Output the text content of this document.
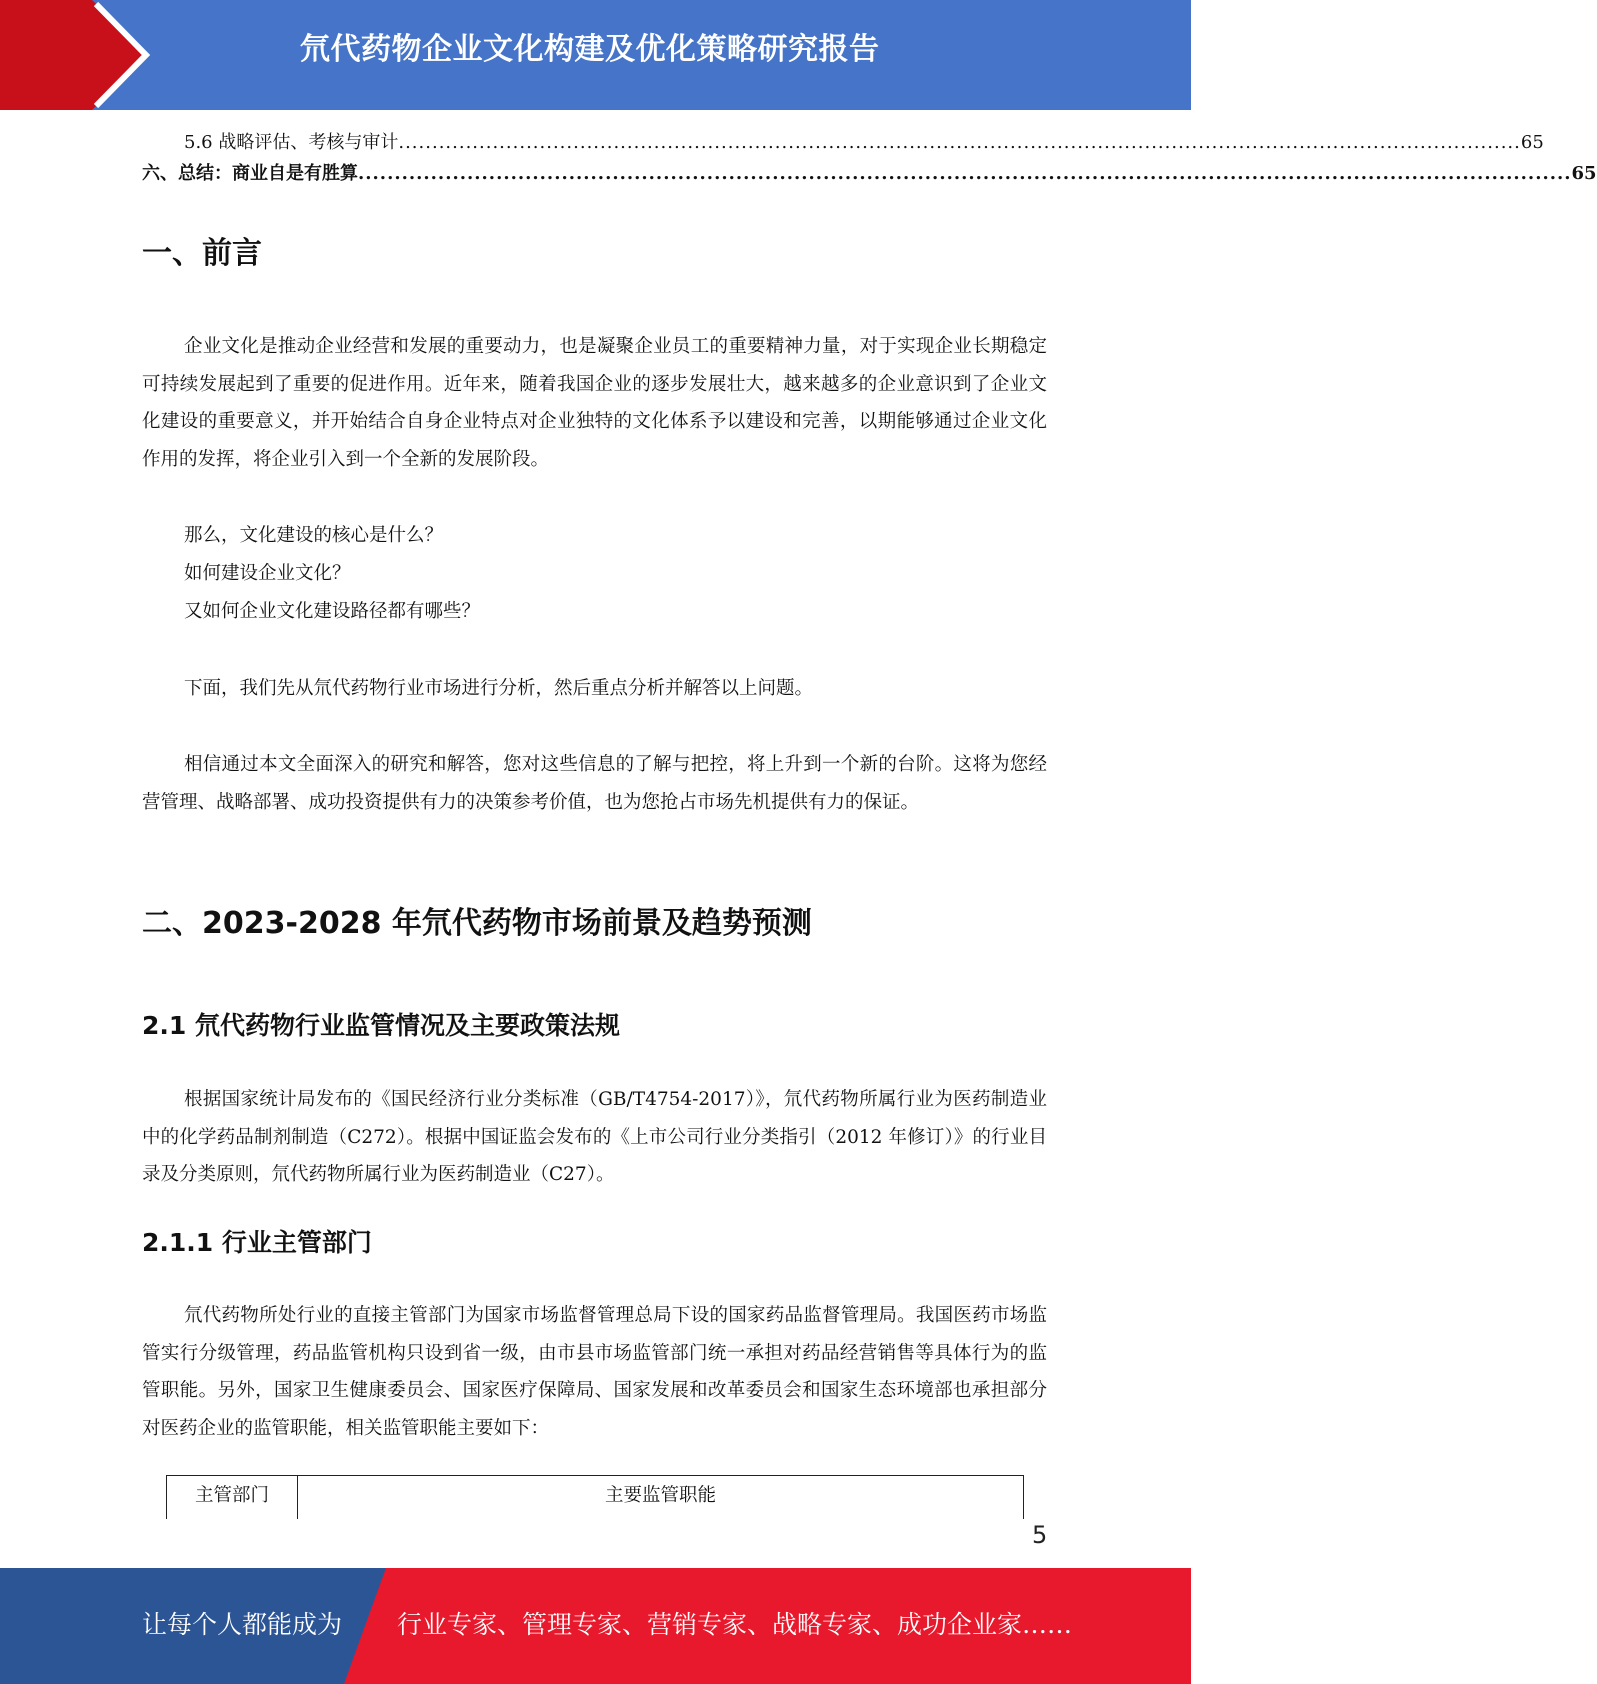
氘代药物企业文化构建及优化策略研究报告
5.6 战略评估、考核与审计 ....................................................................................................................................................................... 65
六、总结：商业自是有胜算 ....................................................................................................................................................................... 65
一、前言

企业文化是推动企业经营和发展的重要动力，也是凝聚企业员工的重要精神力量，对于实现企业长期稳定可持续发展起到了重要的促进作用。近年来，随着我国企业的逐步发展壮大，越来越多的企业意识到了企业文化建设的重要意义，并开始结合自身企业特点对企业独特的文化体系予以建设和完善，以期能够通过企业文化作用的发挥，将企业引入到一个全新的发展阶段。

那么，文化建设的核心是什么？

如何建设企业文化？

又如何企业文化建设路径都有哪些？

下面，我们先从氘代药物行业市场进行分析，然后重点分析并解答以上问题。

相信通过本文全面深入的研究和解答，您对这些信息的了解与把控，将上升到一个新的台阶。这将为您经营管理、战略部署、成功投资提供有力的决策参考价值，也为您抢占市场先机提供有力的保证。

二、2023-2028 年氘代药物市场前景及趋势预测
2.1 氘代药物行业监管情况及主要政策法规

根据国家统计局发布的《国民经济行业分类标准（GB/T4754-2017）》，氘代药物所属行业为医药制造业中的化学药品制剂制造（C272）。根据中国证监会发布的《上市公司行业分类指引（2012 年修订）》的行业目录及分类原则，氘代药物所属行业为医药制造业（C27）。

2.1.1 行业主管部门

氘代药物所处行业的直接主管部门为国家市场监督管理总局下设的国家药品监督管理局。我国医药市场监管实行分级管理，药品监管机构只设到省一级，由市县市场监管部门统一承担对药品经营销售等具体行为的监管职能。另外，国家卫生健康委员会、国家医疗保障局、国家发展和改革委员会和国家生态环境部也承担部分对医药企业的监管职能，相关监管职能主要如下：

主管部门	主要监管职能
5
让每个人都能成为 行业专家、管理专家、营销专家、战略专家、成功企业家……
